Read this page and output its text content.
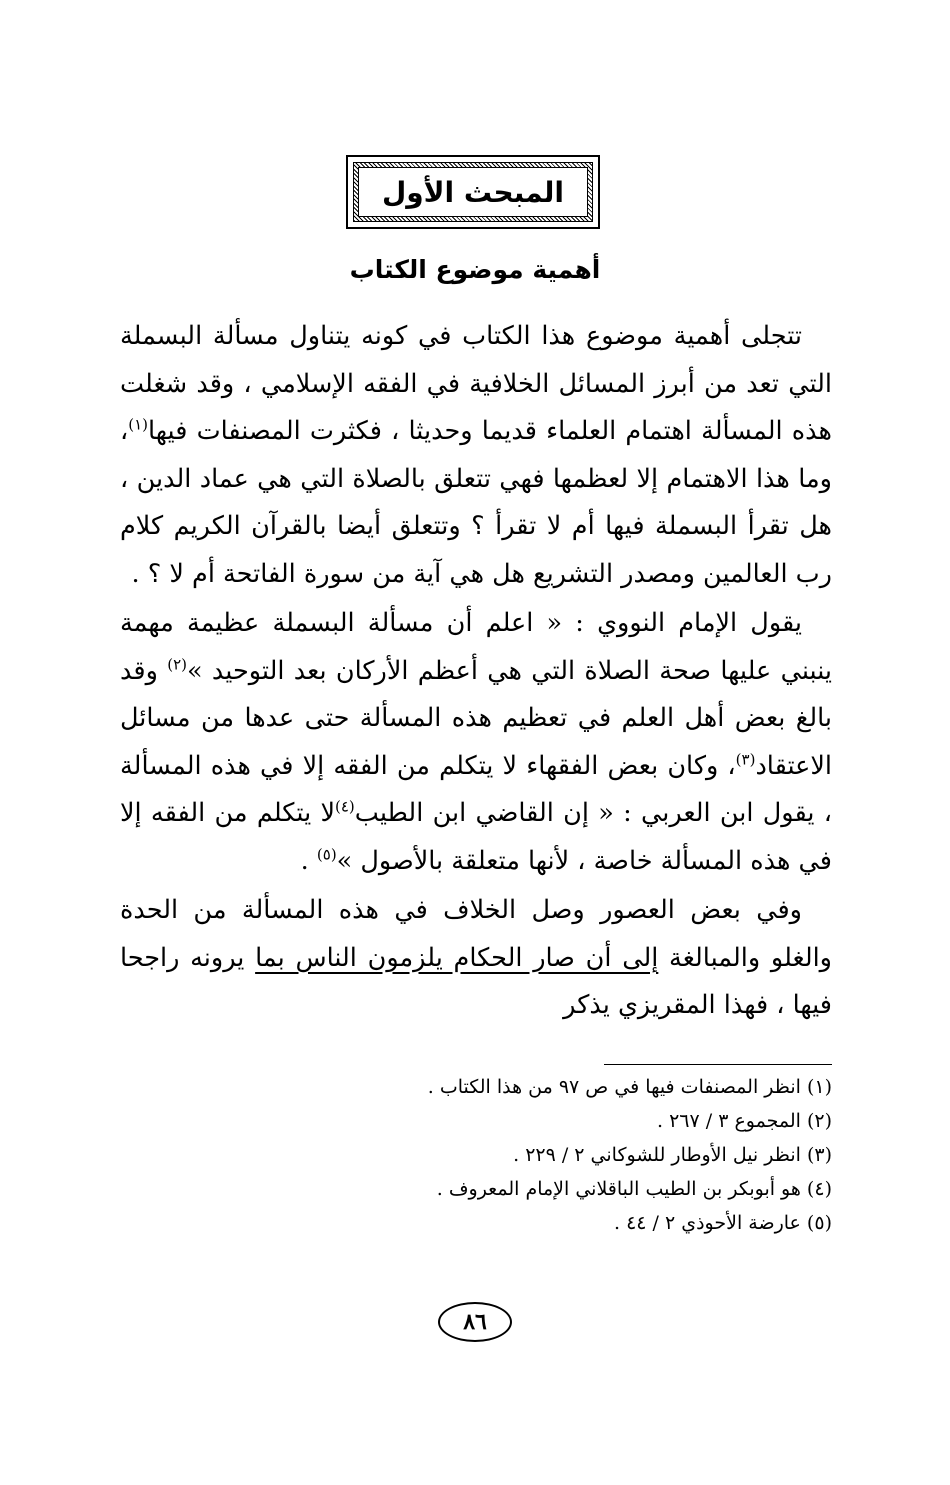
المبحث الأول
أهمية موضوع الكتاب

تتجلى أهمية موضوع هذا الكتاب في كونه يتناول مسألة البسملة التي تعد من أبرز المسائل الخلافية في الفقه الإسلامي ، وقد شغلت هذه المسألة اهتمام العلماء قديما وحديثا ، فكثرت المصنفات فيها$^{(١)}$، وما هذا الاهتمام إلا لعظمها فهي تتعلق بالصلاة التي هي عماد الدين ، هل تقرأ البسملة فيها أم لا تقرأ ؟ وتتعلق أيضا بالقرآن الكريم كلام رب العالمين ومصدر التشريع هل هي آية من سورة الفاتحة أم لا ؟ .

يقول الإمام النووي : « اعلم أن مسألة البسملة عظيمة مهمة ينبني عليها صحة الصلاة التي هي أعظم الأركان بعد التوحيد »$^{(٢)}$ وقد بالغ بعض أهل العلم في تعظيم هذه المسألة حتى عدها من مسائل الاعتقاد$^{(٣)}$، وكان بعض الفقهاء لا يتكلم من الفقه إلا في هذه المسألة ، يقول ابن العربي : « إن القاضي ابن الطيب$^{(٤)}$لا يتكلم من الفقه إلا في هذه المسألة خاصة ، لأنها متعلقة بالأصول »$^{(٥)}$ .

وفي بعض العصور وصل الخلاف في هذه المسألة من الحدة والغلو والمبالغة إلى أن صار الحكام يلزمون الناس بما يرونه راجحا فيها ، فهذا المقريزي يذكر

(١) انظر المصنفات فيها في ص ٩٧ من هذا الكتاب .
(٢) المجموع ٣ / ٢٦٧ .
(٣) انظر نيل الأوطار للشوكاني ٢ / ٢٢٩ .
(٤) هو أبوبكر بن الطيب الباقلاني الإمام المعروف .
(٥) عارضة الأحوذي ٢ / ٤٤ .
٨٦
